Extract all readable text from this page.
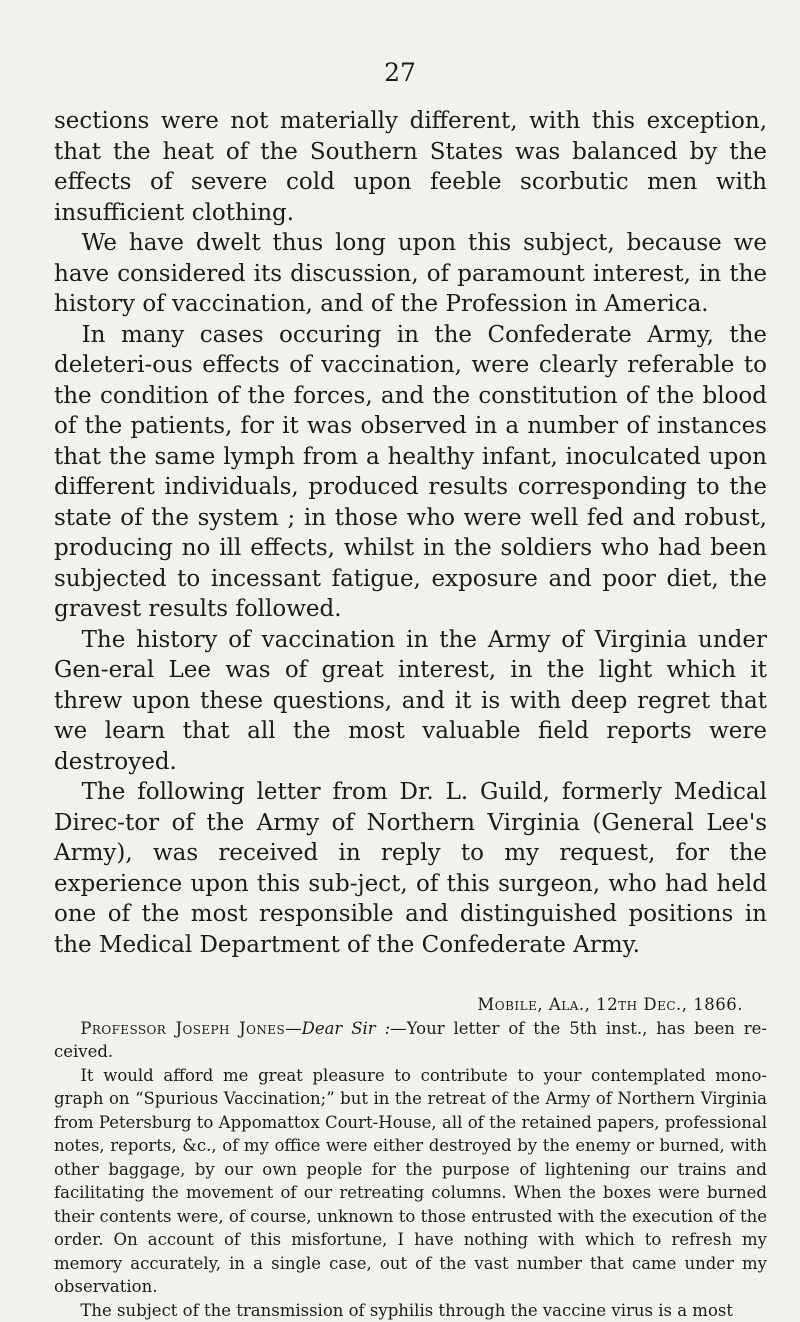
27

sections were not materially different, with this exception, that the heat of the Southern States was balanced by the effects of severe cold upon feeble scorbutic men with insufficient clothing.

We have dwelt thus long upon this subject, because we have considered its discussion, of paramount interest, in the history of vaccination, and of the Profession in America.

In many cases occuring in the Confederate Army, the deleteri-ous effects of vaccination, were clearly referable to the condition of the forces, and the constitution of the blood of the patients, for it was observed in a number of instances that the same lymph from a healthy infant, inoculcated upon different individuals, produced results corresponding to the state of the system ; in those who were well fed and robust, producing no ill effects, whilst in the soldiers who had been subjected to incessant fatigue, exposure and poor diet, the gravest results followed.

The history of vaccination in the Army of Virginia under Gen-eral Lee was of great interest, in the light which it threw upon these questions, and it is with deep regret that we learn that all the most valuable field reports were destroyed.

The following letter from Dr. L. Guild, formerly Medical Direc-tor of the Army of Northern Virginia (General Lee's Army), was received in reply to my request, for the experience upon this sub-ject, of this surgeon, who had held one of the most responsible and distinguished positions in the Medical Department of the Confederate Army.

Mobile, Ala., 12th Dec., 1866.

Professor Joseph Jones—Dear Sir :—Your letter of the 5th inst., has been re-ceived.

It would afford me great pleasure to contribute to your contemplated mono-graph on “Spurious Vaccination;” but in the retreat of the Army of Northern Virginia from Petersburg to Appomattox Court-House, all of the retained papers, professional notes, reports, &c., of my office were either destroyed by the enemy or burned, with other baggage, by our own people for the purpose of lightening our trains and facilitating the movement of our retreating columns. When the boxes were burned their contents were, of course, unknown to those entrusted with the execution of the order. On account of this misfortune, I have nothing with which to refresh my memory accurately, in a single case, out of the vast number that came under my observation.

The subject of the transmission of syphilis through the vaccine virus is a most
